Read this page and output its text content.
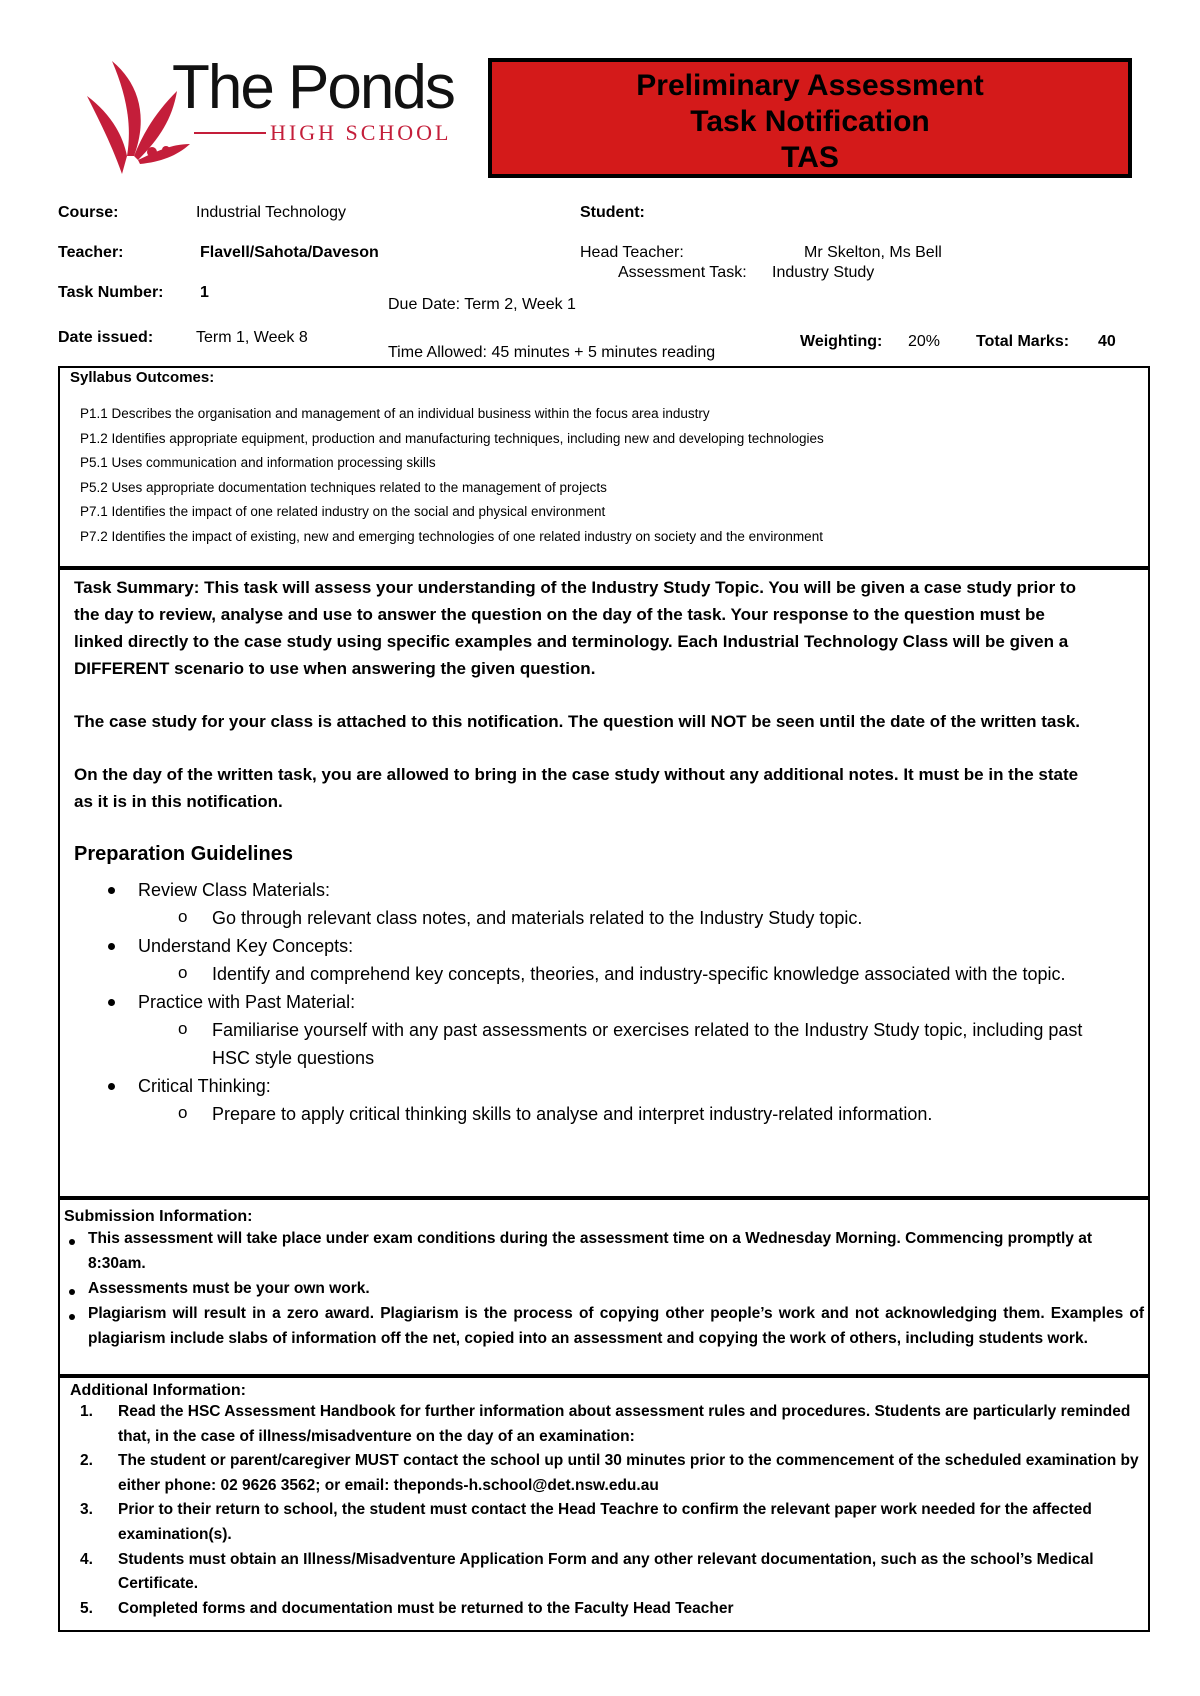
The Ponds
HIGH SCHOOL
Preliminary Assessment
Task Notification
TAS
Course:	Industrial Technology	Student:
Teacher:	Flavell/Sahota/Daveson	Head Teacher:	Mr Skelton, Ms Bell
Assessment Task: Industry Study
Task Number: 1
Due Date: Term 2, Week 1
Date issued:	Term 1, Week 8
Time Allowed: 45 minutes + 5 minutes reading
Weighting: 20% Total Marks: 40
Syllabus Outcomes:
P1.1 Describes the organisation and management of an individual business within the focus area industry
P1.2 Identifies appropriate equipment, production and manufacturing techniques, including new and developing technologies
P5.1 Uses communication and information processing skills
P5.2 Uses appropriate documentation techniques related to the management of projects
P7.1 Identifies the impact of one related industry on the social and physical environment
P7.2 Identifies the impact of existing, new and emerging technologies of one related industry on society and the environment

Task Summary: This task will assess your understanding of the Industry Study Topic. You will be given a case study prior to the day to review, analyse and use to answer the question on the day of the task. Your response to the question must be linked directly to the case study using specific examples and terminology. Each Industrial Technology Class will be given a DIFFERENT scenario to use when answering the given question.

The case study for your class is attached to this notification. The question will NOT be seen until the date of the written task.

On the day of the written task, you are allowed to bring in the case study without any additional notes. It must be in the state as it is in this notification.

Preparation Guidelines
Review Class Materials:
o Go through relevant class notes, and materials related to the Industry Study topic.
Understand Key Concepts:
o Identify and comprehend key concepts, theories, and industry-specific knowledge associated with the topic.
Practice with Past Material:
o Familiarise yourself with any past assessments or exercises related to the Industry Study topic, including past HSC style questions
Critical Thinking:
o Prepare to apply critical thinking skills to analyse and interpret industry-related information.
Submission Information:
This assessment will take place under exam conditions during the assessment time on a Wednesday Morning. Commencing promptly at 8:30am.
Assessments must be your own work.
Plagiarism will result in a zero award. Plagiarism is the process of copying other people’s work and not acknowledging them. Examples of plagiarism include slabs of information off the net, copied into an assessment and copying the work of others, including students work.
Additional Information:
1. Read the HSC Assessment Handbook for further information about assessment rules and procedures. Students are particularly reminded that, in the case of illness/misadventure on the day of an examination:
2. The student or parent/caregiver MUST contact the school up until 30 minutes prior to the commencement of the scheduled examination by either phone: 02 9626 3562; or email: theponds-h.school@det.nsw.edu.au
3. Prior to their return to school, the student must contact the Head Teachre to confirm the relevant paper work needed for the affected examination(s).
4. Students must obtain an Illness/Misadventure Application Form and any other relevant documentation, such as the school’s Medical Certificate.
5. Completed forms and documentation must be returned to the Faculty Head Teacher
